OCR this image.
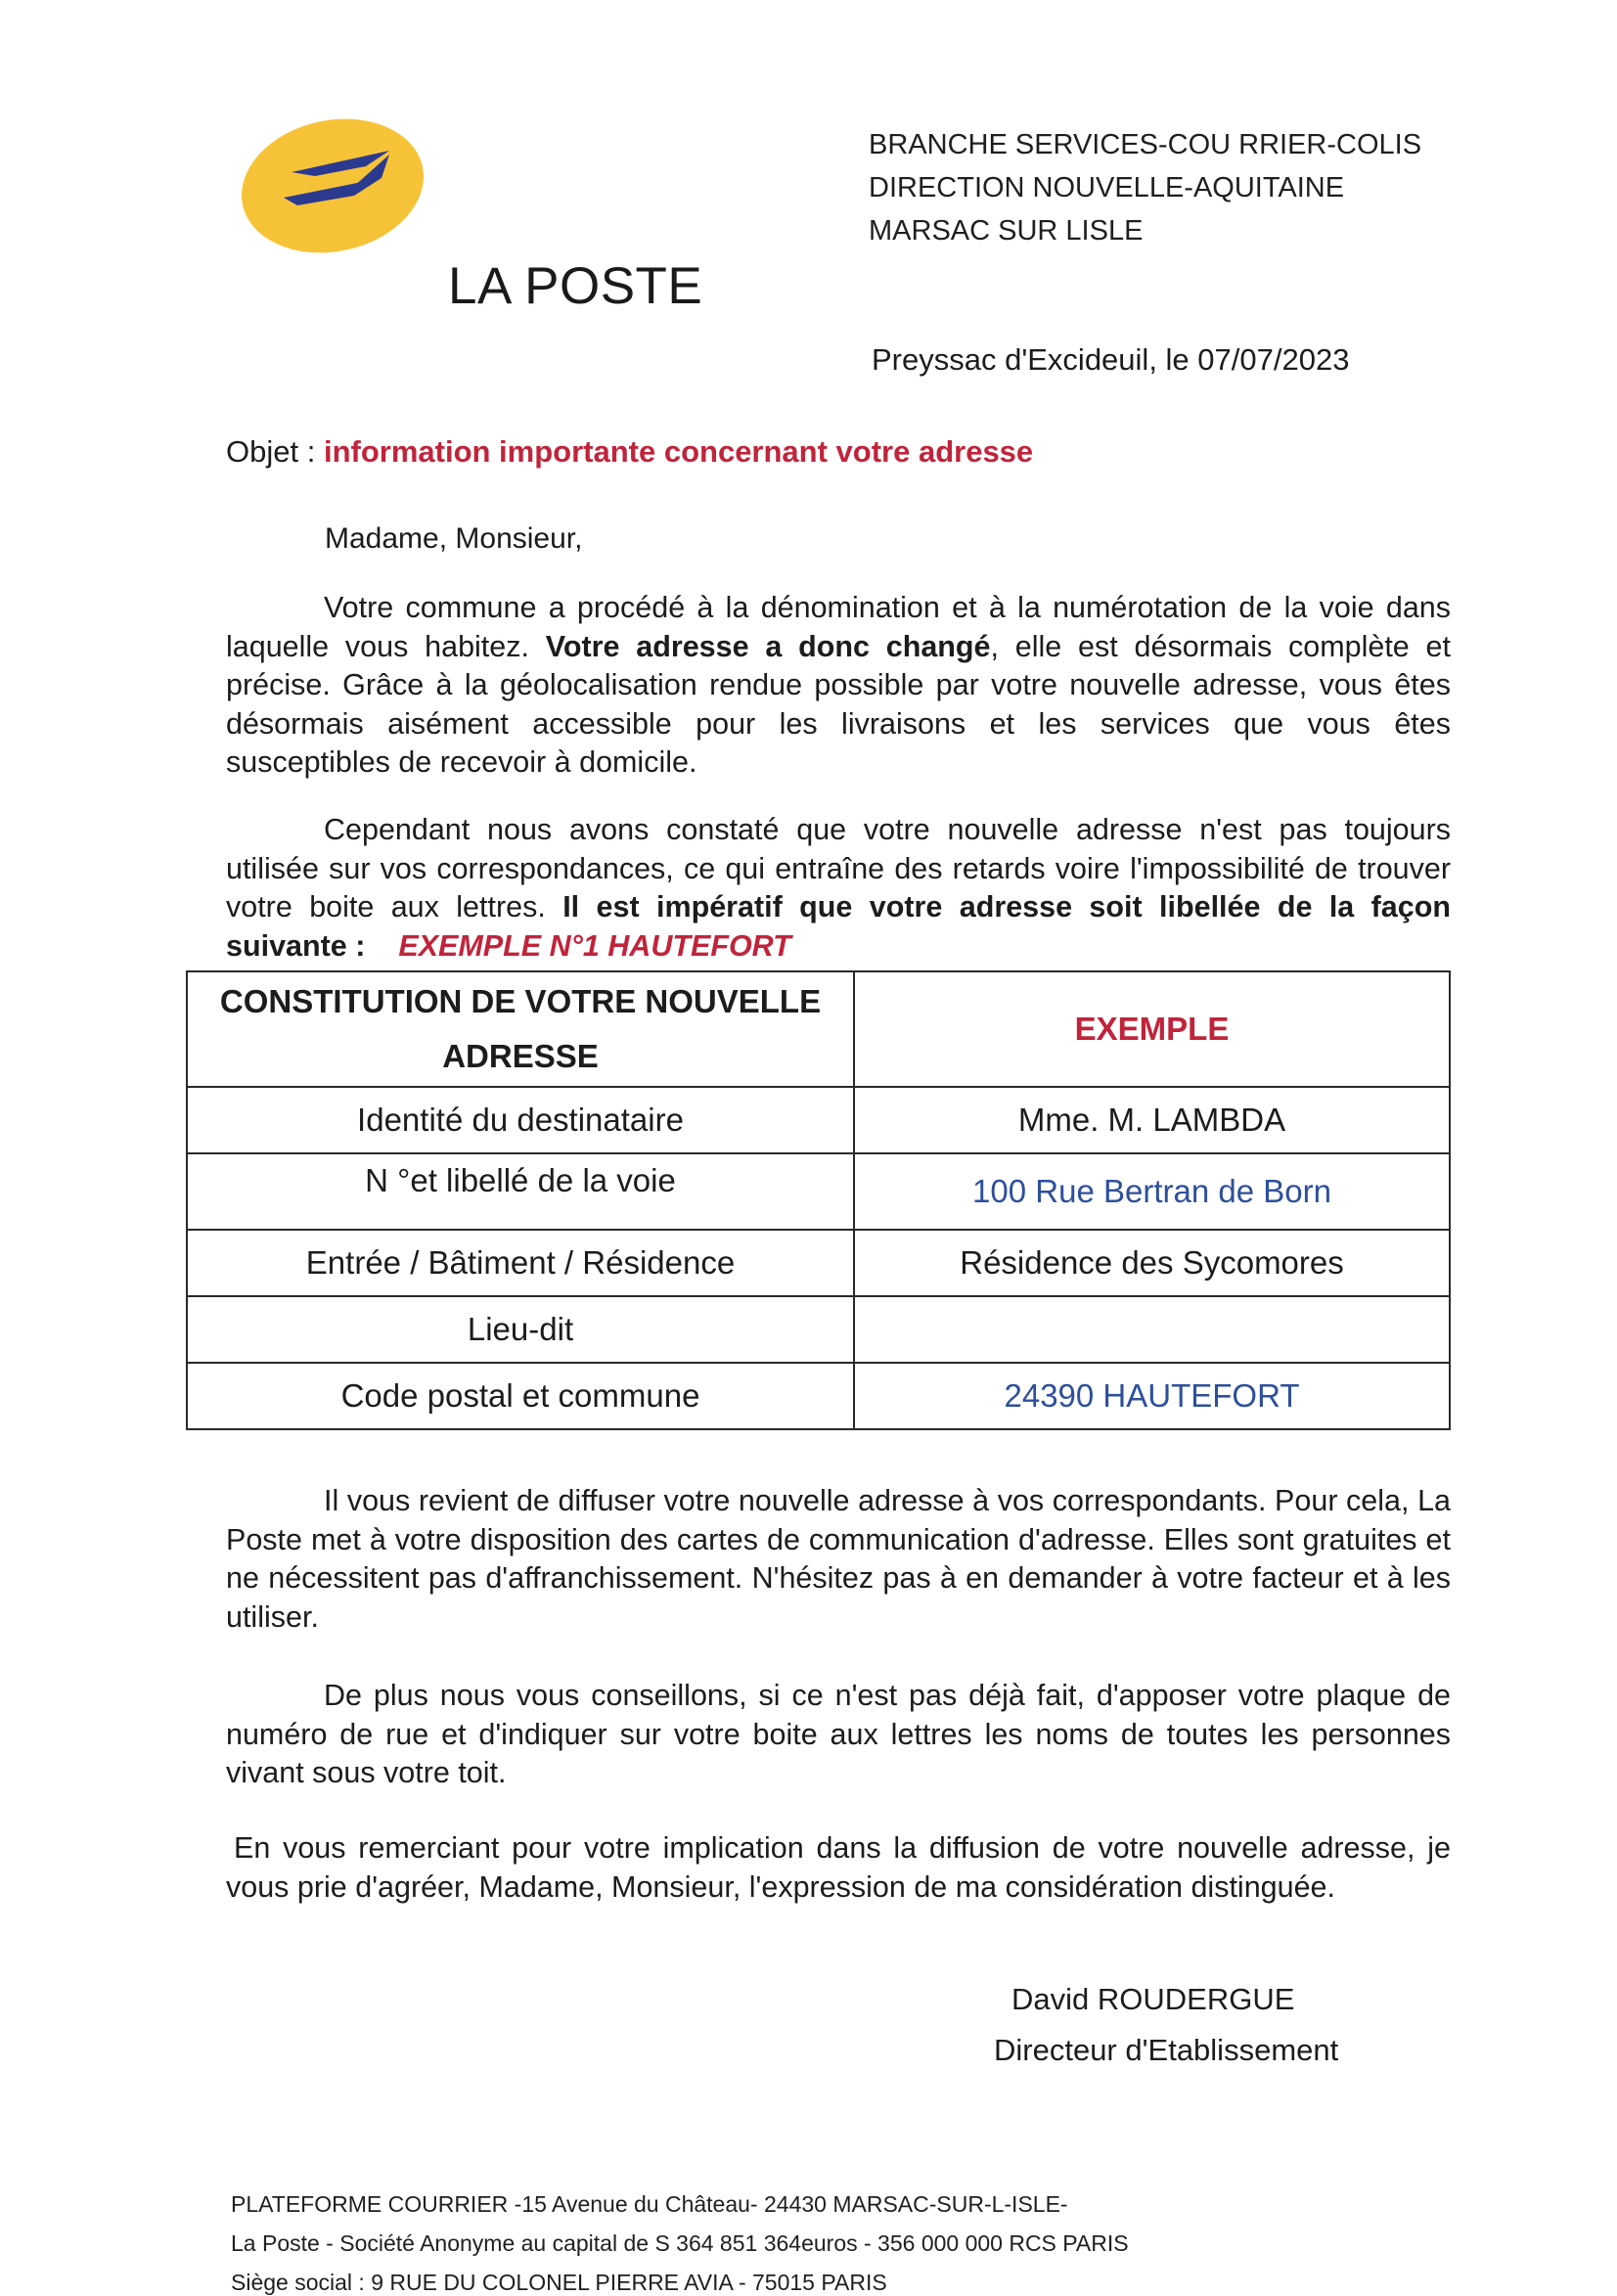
LA POSTE
BRANCHE SERVICES-COU RRIER-COLIS
DIRECTION NOUVELLE-AQUITAINE
MARSAC SUR LISLE
Preyssac d'Excideuil, le 07/07/2023
Objet : information importante concernant votre adresse
Madame, Monsieur,
Votre commune a procédé à la dénomination et à la numérotation de la voie dans laquelle vous habitez. Votre adresse a donc changé, elle est désormais complète et précise. Grâce à la géolocalisation rendue possible par votre nouvelle adresse, vous êtes désormais aisément accessible pour les livraisons et les services que vous êtes susceptibles de recevoir à domicile.
Cependant nous avons constaté que votre nouvelle adresse n'est pas toujours utilisée sur vos correspondances, ce qui entraîne des retards voire l'impossibilité de trouver votre boite aux lettres. Il est impératif que votre adresse soit libellée de la façon suivante : EXEMPLE N°1 HAUTEFORT
CONSTITUTION DE VOTRE NOUVELLE ADRESSE	EXEMPLE
Identité du destinataire	Mme. M. LAMBDA
N °et libellé de la voie	100 Rue Bertran de Born
Entrée / Bâtiment / Résidence	Résidence des Sycomores
Lieu-dit	
Code postal et commune	24390 HAUTEFORT
Il vous revient de diffuser votre nouvelle adresse à vos correspondants. Pour cela, La Poste met à votre disposition des cartes de communication d'adresse. Elles sont gratuites et ne nécessitent pas d'affranchissement. N'hésitez pas à en demander à votre facteur et à les utiliser.
De plus nous vous conseillons, si ce n'est pas déjà fait, d'apposer votre plaque de numéro de rue et d'indiquer sur votre boite aux lettres les noms de toutes les personnes vivant sous votre toit.
En vous remerciant pour votre implication dans la diffusion de votre nouvelle adresse, je vous prie d'agréer, Madame, Monsieur, l'expression de ma considération distinguée.
David ROUDERGUE
Directeur d'Etablissement
PLATEFORME COURRIER -15 Avenue du Château- 24430 MARSAC-SUR-L-ISLE-
La Poste - Société Anonyme au capital de S 364 851 364euros - 356 000 000 RCS PARIS
Siège social : 9 RUE DU COLONEL PIERRE AVIA - 75015 PARIS
